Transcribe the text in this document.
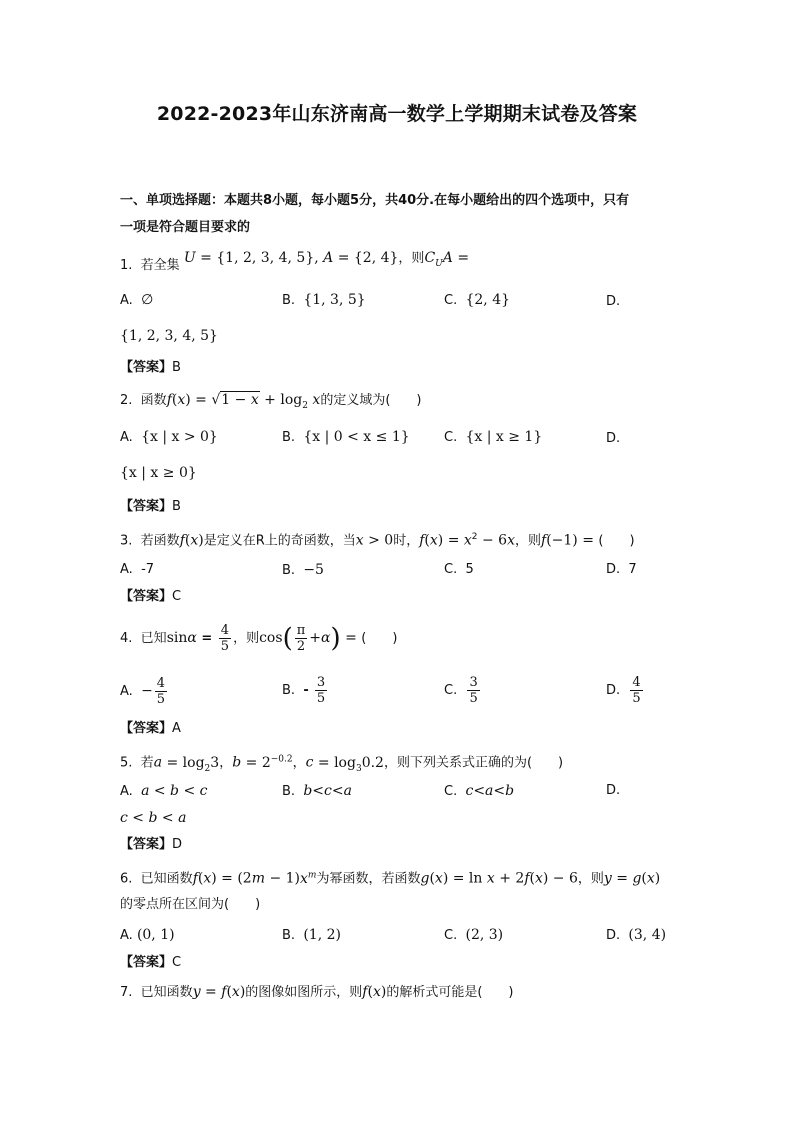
2022-2023年山东济南高一数学上学期期末试卷及答案
一、单项选择题：本题共8小题，每小题5分，共40分.在每小题给出的四个选项中，只有
一项是符合题目要求的
1. 若全集 U = {1, 2, 3, 4, 5}, A = {2, 4}，则$C_UA$ =
A. ∅	B. {1, 3, 5}	C. {2, 4}	D.
{1, 2, 3, 4, 5}
【答案】B
2. 函数$f(x) = √1 - x + \log_2 x$的定义域为(　　)
A. {x | x > 0}	B. {x | 0 < x ≤ 1}	C. {x | x ≥ 1}	D.
{x | x ≥ 0}
【答案】B
3. 若函数f(x)是定义在R上的奇函数，当x > 0时，$f(x) = x^2 - 6x$，则f(−1) = (　　)
A. -7	B. −5	C. 5	D. 7
【答案】C
4. 已知$\sin\alpha = \frac{4}{5}$ ，则$\cos( \frac{\pi}{2} +\alpha)$ = (　　)
A. − $\frac{4}{5}$	B. - $\frac{3}{5}$	C. $\frac{3}{5}$	D. $\frac{4}{5}$
【答案】A
5. 若$a = \log_23$，$b = 2^{-0.2}$，$c = \log_30.2$，则下列关系式正确的为(　　)
A. a < b < c	B. b<c<a	C. c<a<b	D.
c < b < a
【答案】D
6. 已知函数$f(x) = (2m - 1)x^m$为幂函数，若函数g(x) = ln x + 2f(x) − 6，则y = g(x)
的零点所在区间为(　　)
A. (0, 1)	B. (1, 2)	C. (2, 3)	D. (3, 4)
【答案】C
7. 已知函数y = f(x)的图像如图所示，则f(x)的解析式可能是(　　)
